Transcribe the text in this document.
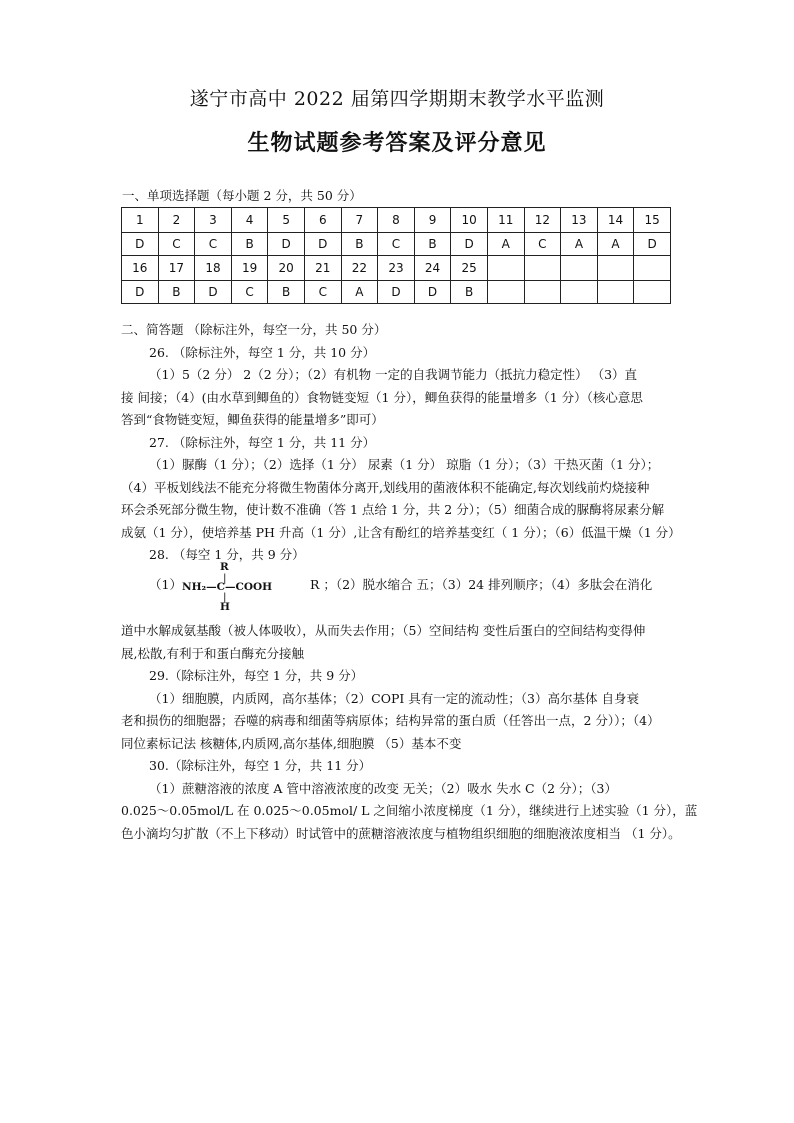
遂宁市高中 2022 届第四学期期末教学水平监测
生物试题参考答案及评分意见
一、单项选择题（每小题 2 分，共 50 分）
1	2	3	4	5	6	7	8	9	10	11	12	13	14	15
D	C	C	B	D	D	B	C	B	D	A	C	A	A	D
16	17	18	19	20	21	22	23	24	25					
D	B	D	C	B	C	A	D	D	B					
二、简答题 （除标注外，每空一分，共 50 分）
26. （除标注外，每空 1 分，共 10 分）
（1）5（2 分） 2（2 分）；（2）有机物 一定的自我调节能力（抵抗力稳定性） （3）直
接 间接；（4）(由水草到鲫鱼的）食物链变短（1 分），鲫鱼获得的能量增多（1 分）（核心意思
答到“食物链变短，鲫鱼获得的能量增多”即可）
27. （除标注外，每空 1 分，共 11 分）
（1）脲酶（1 分）；（2）选择（1 分） 尿素（1 分） 琼脂（1 分）；（3）干热灭菌（1 分）；
（4）平板划线法不能充分将微生物菌体分离开,划线用的菌液体积不能确定,每次划线前灼烧接种
环会杀死部分微生物，使计数不准确（答 1 点给 1 分，共 2 分）；（5）细菌合成的脲酶将尿素分解
成氨（1 分），使培养基 PH 升高（1 分）,让含有酚红的培养基变红（ 1 分）；（6）低温干燥（1 分）
28. （每空 1 分，共 9 分）
R
|
NH₂—C—COOH
|
H
（1）	R ；（2）脱水缩合 五；（3）24 排列顺序；（4）多肽会在消化
道中水解成氨基酸（被人体吸收），从而失去作用；（5）空间结构 变性后蛋白的空间结构变得伸
展,松散,有利于和蛋白酶充分接触
29.（除标注外，每空 1 分，共 9 分）
（1）细胞膜，内质网，高尔基体；（2）COPI 具有一定的流动性；（3）高尔基体 自身衰
老和损伤的细胞器；吞噬的病毒和细菌等病原体；结构异常的蛋白质（任答出一点，2 分））；（4）
同位素标记法 核糖体,内质网,高尔基体,细胞膜 （5）基本不变
30.（除标注外，每空 1 分，共 11 分）
（1）蔗糖溶液的浓度 A 管中溶液浓度的改变 无关；（2）吸水 失水 C（2 分）；（3）
0.025～0.05mol/L 在 0.025～0.05mol/ L 之间缩小浓度梯度（1 分），继续进行上述实验（1 分），蓝
色小滴均匀扩散（不上下移动）时试管中的蔗糖溶液浓度与植物组织细胞的细胞液浓度相当 （1 分）。
